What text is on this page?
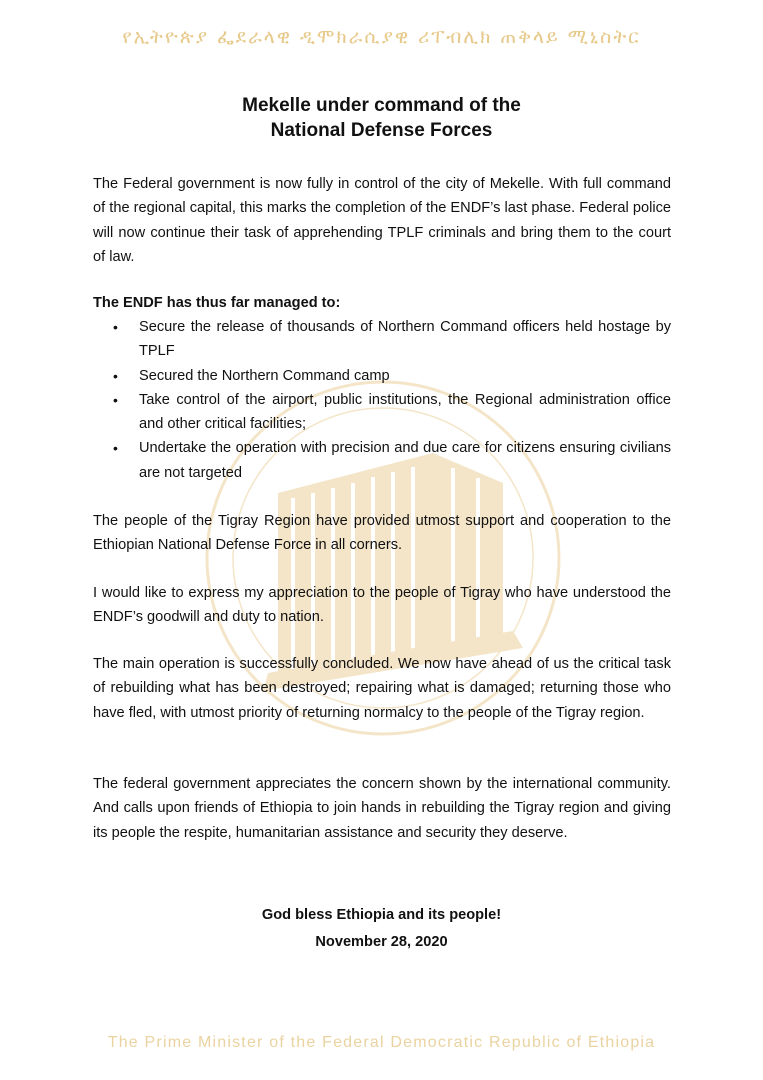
የኢትዮጵያ ፌደራላዊ ዲሞክራሲያዊ ሪፐብሊክ ጠቅላይ ሚኒስትር
Mekelle under command of the
National Defense Forces

The Federal government is now fully in control of the city of Mekelle. With full command of the regional capital, this marks the completion of the ENDF’s last phase. Federal police will now continue their task of apprehending TPLF criminals and bring them to the court of law.

The ENDF has thus far managed to:
• Secure the release of thousands of Northern Command officers held hostage by TPLF
• Secured the Northern Command camp
• Take control of the airport, public institutions, the Regional administration office and other critical facilities;
• Undertake the operation with precision and due care for citizens ensuring civilians are not targeted

The people of the Tigray Region have provided utmost support and cooperation to the Ethiopian National Defense Force in all corners.

I would like to express my appreciation to the people of Tigray who have understood the ENDF’s goodwill and duty to nation.

The main operation is successfully concluded. We now have ahead of us the critical task of rebuilding what has been destroyed; repairing what is damaged; returning those who have fled, with utmost priority of returning normalcy to the people of the Tigray region.

The federal government appreciates the concern shown by the international community. And calls upon friends of Ethiopia to join hands in rebuilding the Tigray region and giving its people the respite, humanitarian assistance and security they deserve.

God bless Ethiopia and its people!
November 28, 2020
The Prime Minister of the Federal Democratic Republic of Ethiopia
